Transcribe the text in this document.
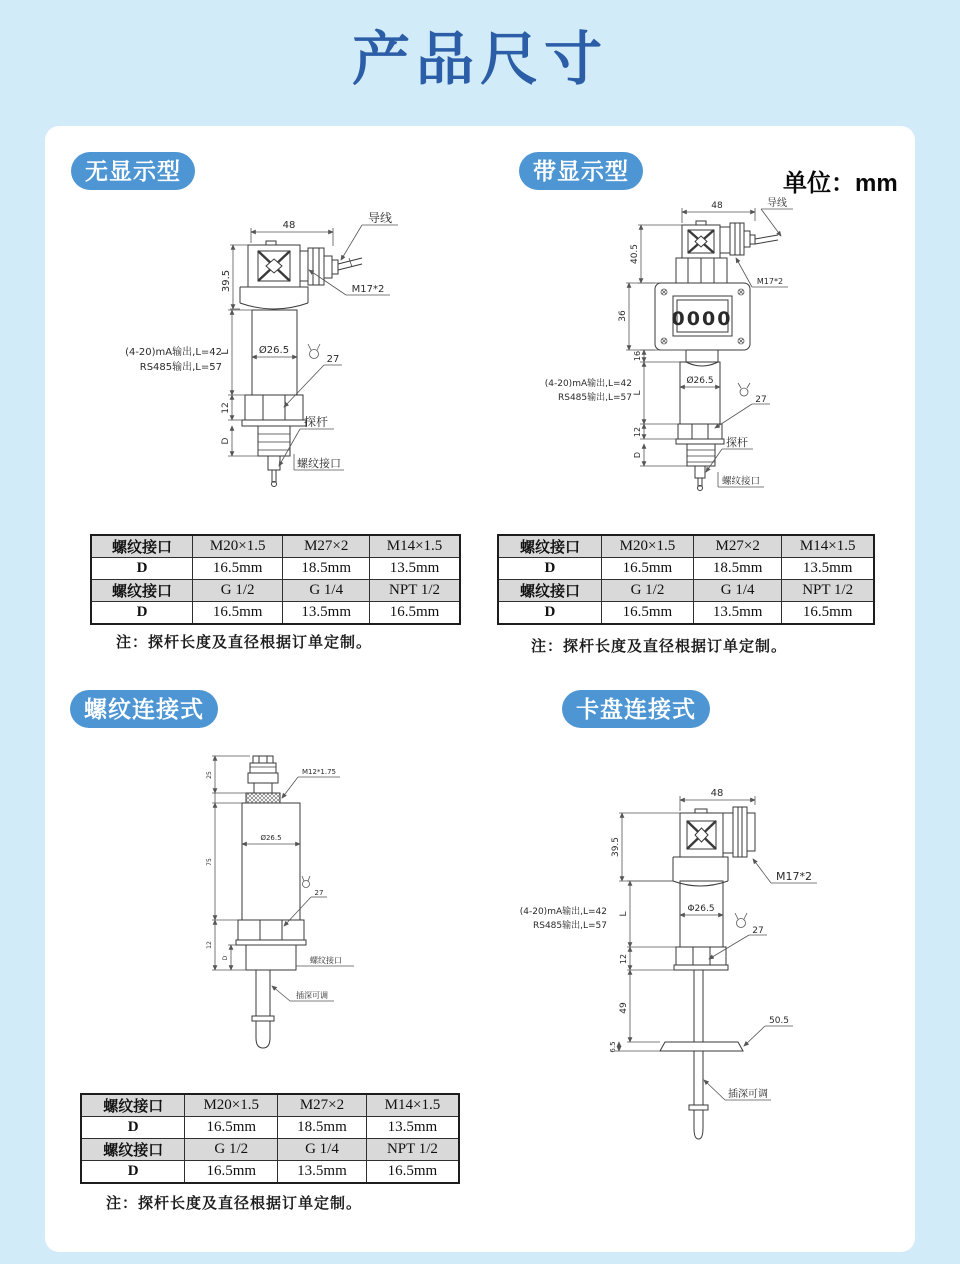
产品尺寸
无显示型	带显示型	单位：mm
螺纹连接式	卡盘连接式
48
导线
M17*2
39.5
Ø26.5
(4-20)mA输出,L=42
RS485输出,L=57
L
12
D
27
探杆
螺纹接口
48	导线
M17*2
40.5
0000
36
16
Ø26.5
(4-20)mA输出,L=42
RS485输出,L=57 L
12
D
27
探杆
螺纹接口
Ø26.5
M12*1.75
27
螺纹接口
插深可调
25
75
12
D
48
M17*2
39.5
Φ26.5
(4-20)mA输出,L=42
RS485输出,L=57
L
12
27
49
6.5
50.5
插深可调
螺纹接口	M20×1.5	M27×2	M14×1.5
D	16.5mm	18.5mm	13.5mm
螺纹接口	G 1/2	G 1/4	NPT 1/2
D	16.5mm	13.5mm	16.5mm
螺纹接口	M20×1.5	M27×2	M14×1.5
D	16.5mm	18.5mm	13.5mm
螺纹接口	G 1/2	G 1/4	NPT 1/2
D	16.5mm	13.5mm	16.5mm
螺纹接口	M20×1.5	M27×2	M14×1.5
D	16.5mm	18.5mm	13.5mm
螺纹接口	G 1/2	G 1/4	NPT 1/2
D	16.5mm	13.5mm	16.5mm
注：探杆长度及直径根据订单定制。	注：探杆长度及直径根据订单定制。
注：探杆长度及直径根据订单定制。
